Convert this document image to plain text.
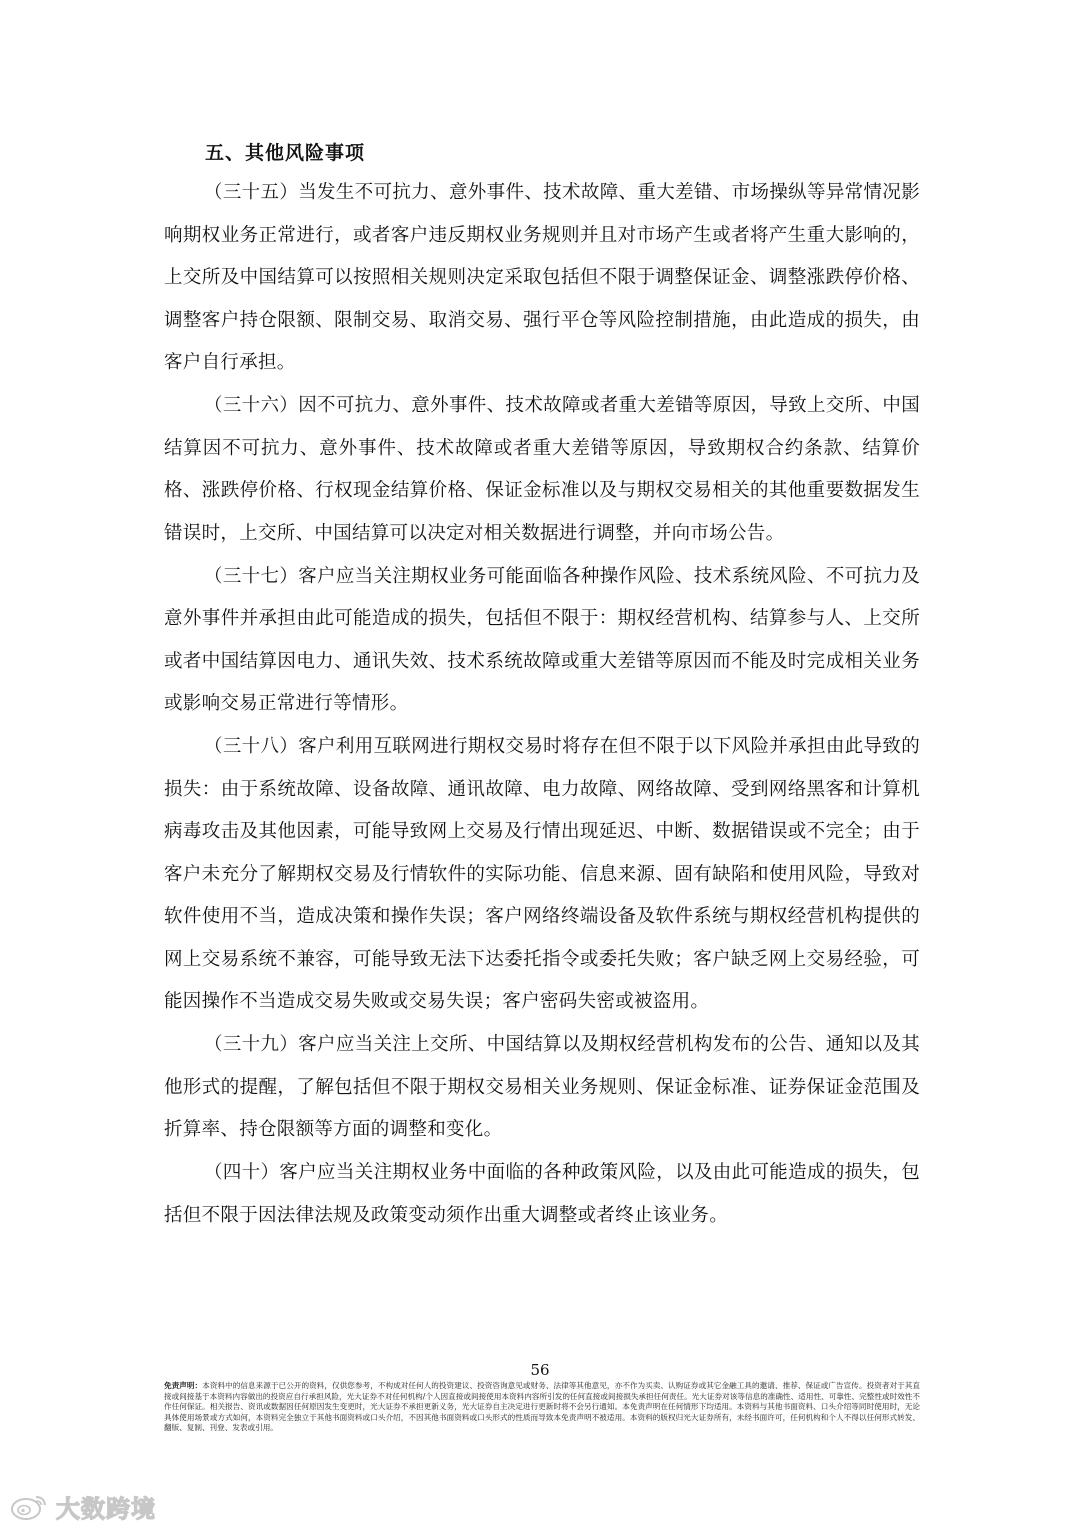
五、其他风险事项

（三十五）当发生不可抗力、意外事件、技术故障、重大差错、市场操纵等异常情况影响期权业务正常进行，或者客户违反期权业务规则并且对市场产生或者将产生重大影响的，上交所及中国结算可以按照相关规则决定采取包括但不限于调整保证金、调整涨跌停价格、调整客户持仓限额、限制交易、取消交易、强行平仓等风险控制措施，由此造成的损失，由客户自行承担。

（三十六）因不可抗力、意外事件、技术故障或者重大差错等原因，导致上交所、中国结算因不可抗力、意外事件、技术故障或者重大差错等原因，导致期权合约条款、结算价格、涨跌停价格、行权现金结算价格、保证金标准以及与期权交易相关的其他重要数据发生错误时，上交所、中国结算可以决定对相关数据进行调整，并向市场公告。

（三十七）客户应当关注期权业务可能面临各种操作风险、技术系统风险、不可抗力及意外事件并承担由此可能造成的损失，包括但不限于：期权经营机构、结算参与人、上交所或者中国结算因电力、通讯失效、技术系统故障或重大差错等原因而不能及时完成相关业务或影响交易正常进行等情形。

（三十八）客户利用互联网进行期权交易时将存在但不限于以下风险并承担由此导致的损失：由于系统故障、设备故障、通讯故障、电力故障、网络故障、受到网络黑客和计算机病毒攻击及其他因素，可能导致网上交易及行情出现延迟、中断、数据错误或不完全；由于客户未充分了解期权交易及行情软件的实际功能、信息来源、固有缺陷和使用风险，导致对软件使用不当，造成决策和操作失误；客户网络终端设备及软件系统与期权经营机构提供的网上交易系统不兼容，可能导致无法下达委托指令或委托失败；客户缺乏网上交易经验，可能因操作不当造成交易失败或交易失误；客户密码失密或被盗用。

（三十九）客户应当关注上交所、中国结算以及期权经营机构发布的公告、通知以及其他形式的提醒，了解包括但不限于期权交易相关业务规则、保证金标准、证券保证金范围及折算率、持仓限额等方面的调整和变化。

（四十）客户应当关注期权业务中面临的各种政策风险，以及由此可能造成的损失，包括但不限于因法律法规及政策变动须作出重大调整或者终止该业务。

56

免责声明：本资料中的信息来源于已公开的资料，仅供您参考，不构成对任何人的投资建议、投资咨询意见或财务、法律等其他意见，亦不作为买卖、认购证券或其它金融工具的邀请、推荐、保证或广告宣传。投资者对于其直接或间接基于本资料内容做出的投资应自行承担风险，光大证券不对任何机构/个人因直接或间接使用本资料内容所引发的任何直接或间接损失承担任何责任。光大证券对该等信息的准确性、适用性、可靠性、完整性或时效性不作任何保证。相关报告、资讯或数据因任何原因发生变更时，光大证券不承担更新义务，光大证券自主决定进行更新时将不会另行通知。本免责声明在任何情形下均适用。本资料与其他书面资料、口头介绍等同时使用时，无论具体使用场景或方式如何，本资料完全独立于其他书面资料或口头介绍，不因其他书面资料或口头形式的性质而导致本免责声明不被适用。本资料的版权归光大证券所有，未经书面许可，任何机构和个人不得以任何形式转发、翻版、复制、刊登、发表或引用。

大数跨境
